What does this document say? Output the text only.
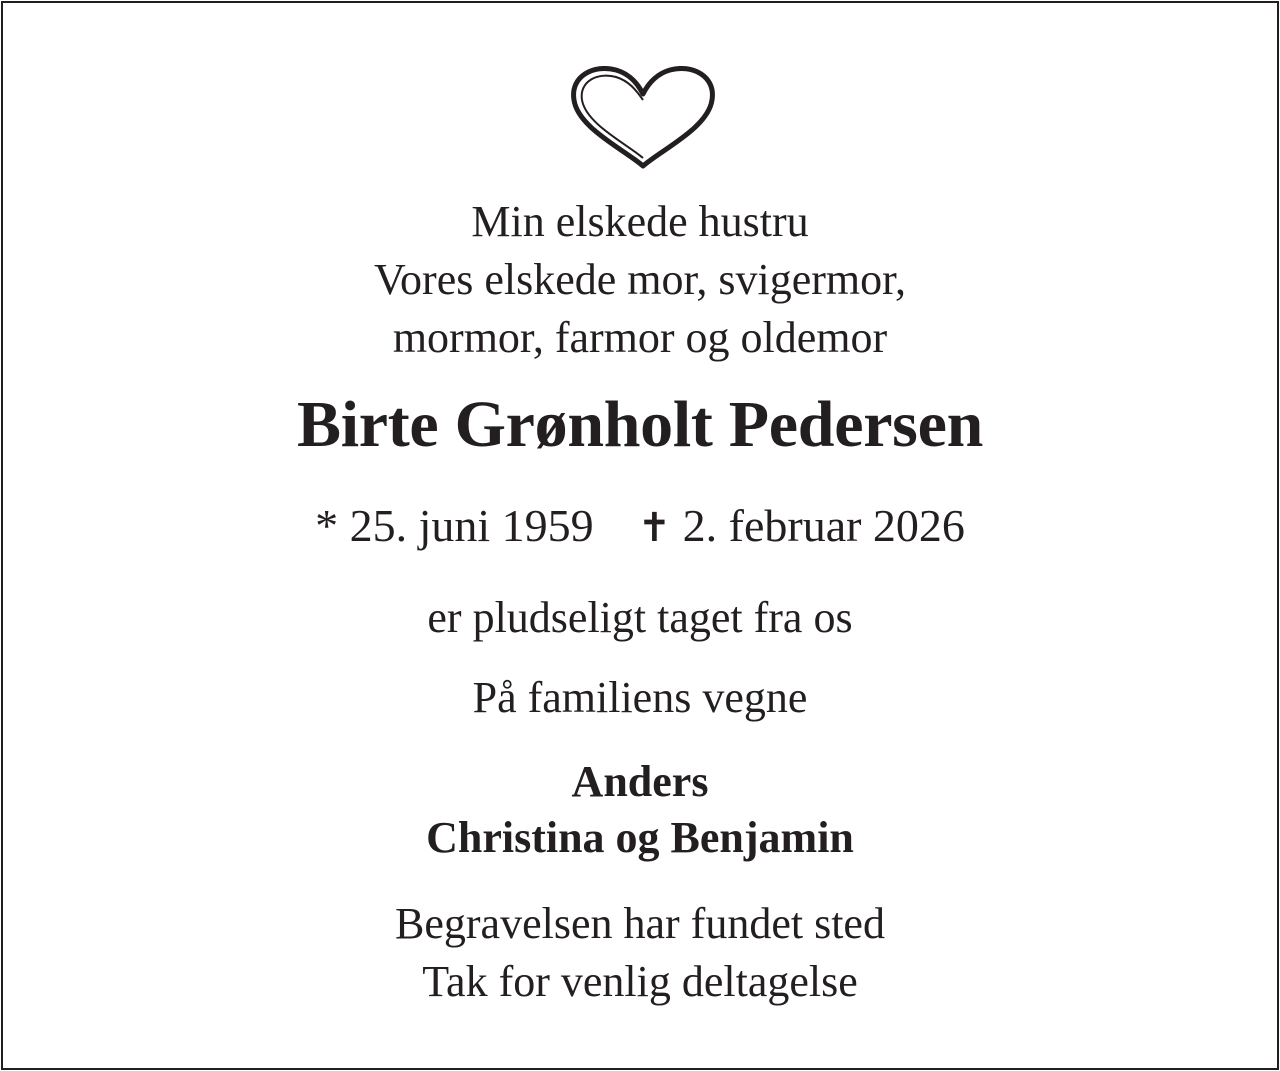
Min elskede hustru
Vores elskede mor, svigermor,
mormor, farmor og oldemor
Birte Grønholt Pedersen
* 25. juni 1959 ✝ 2. februar 2026
er pludseligt taget fra os
På familiens vegne
Anders
Christina og Benjamin
Begravelsen har fundet sted
Tak for venlig deltagelse
